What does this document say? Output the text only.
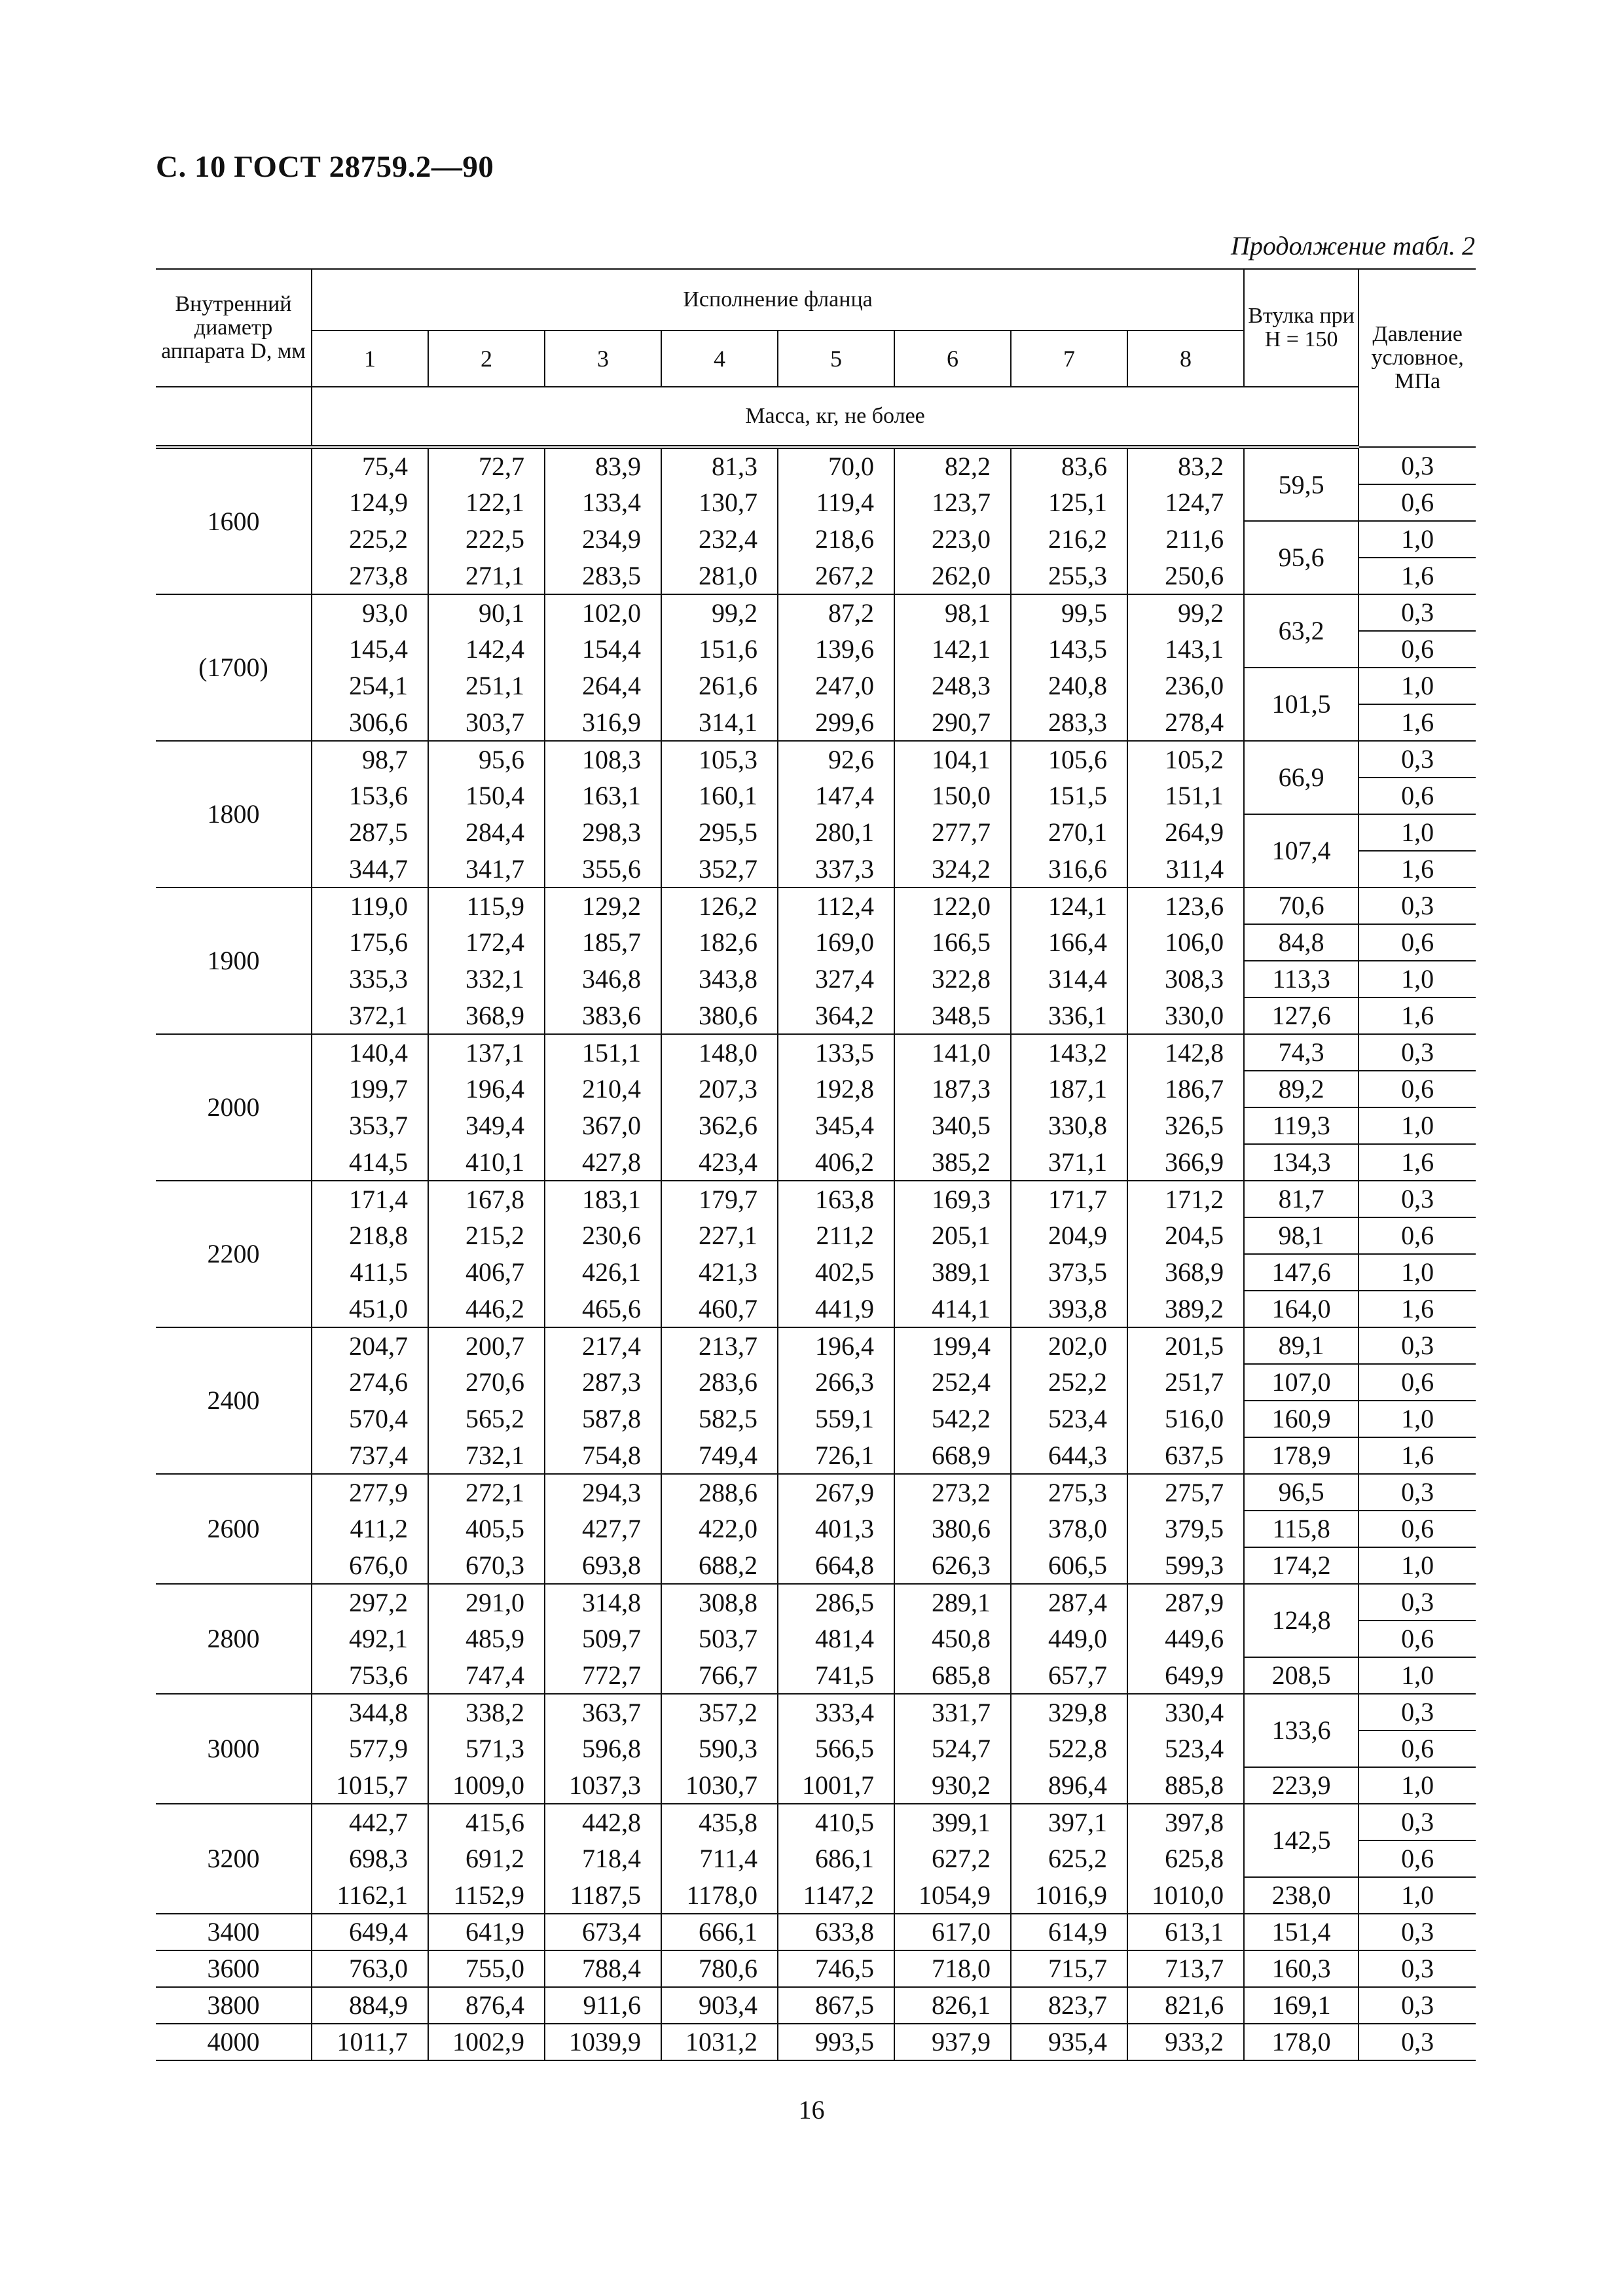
С. 10 ГОСТ 28759.2—90
Продолжение табл. 2
Внутренний диаметр аппарата D, мм	Исполнение фланца								Втулка при H = 150	Давление условное, МПа
	1	2	3	4	5	6	7	8		
	Масса, кг, не более									
1600	75,4	72,7	83,9	81,3	70,0	82,2	83,6	83,2	59,5	0,3
	124,9	122,1	133,4	130,7	119,4	123,7	125,1	124,7		0,6
	225,2	222,5	234,9	232,4	218,6	223,0	216,2	211,6	95,6	1,0
	273,8	271,1	283,5	281,0	267,2	262,0	255,3	250,6		1,6
(1700)	93,0	90,1	102,0	99,2	87,2	98,1	99,5	99,2	63,2	0,3
	145,4	142,4	154,4	151,6	139,6	142,1	143,5	143,1		0,6
	254,1	251,1	264,4	261,6	247,0	248,3	240,8	236,0	101,5	1,0
	306,6	303,7	316,9	314,1	299,6	290,7	283,3	278,4		1,6
1800	98,7	95,6	108,3	105,3	92,6	104,1	105,6	105,2	66,9	0,3
	153,6	150,4	163,1	160,1	147,4	150,0	151,5	151,1		0,6
	287,5	284,4	298,3	295,5	280,1	277,7	270,1	264,9	107,4	1,0
	344,7	341,7	355,6	352,7	337,3	324,2	316,6	311,4		1,6
1900	119,0	115,9	129,2	126,2	112,4	122,0	124,1	123,6	70,6	0,3
	175,6	172,4	185,7	182,6	169,0	166,5	166,4	106,0	84,8	0,6
	335,3	332,1	346,8	343,8	327,4	322,8	314,4	308,3	113,3	1,0
	372,1	368,9	383,6	380,6	364,2	348,5	336,1	330,0	127,6	1,6
2000	140,4	137,1	151,1	148,0	133,5	141,0	143,2	142,8	74,3	0,3
	199,7	196,4	210,4	207,3	192,8	187,3	187,1	186,7	89,2	0,6
	353,7	349,4	367,0	362,6	345,4	340,5	330,8	326,5	119,3	1,0
	414,5	410,1	427,8	423,4	406,2	385,2	371,1	366,9	134,3	1,6
2200	171,4	167,8	183,1	179,7	163,8	169,3	171,7	171,2	81,7	0,3
	218,8	215,2	230,6	227,1	211,2	205,1	204,9	204,5	98,1	0,6
	411,5	406,7	426,1	421,3	402,5	389,1	373,5	368,9	147,6	1,0
	451,0	446,2	465,6	460,7	441,9	414,1	393,8	389,2	164,0	1,6
2400	204,7	200,7	217,4	213,7	196,4	199,4	202,0	201,5	89,1	0,3
	274,6	270,6	287,3	283,6	266,3	252,4	252,2	251,7	107,0	0,6
	570,4	565,2	587,8	582,5	559,1	542,2	523,4	516,0	160,9	1,0
	737,4	732,1	754,8	749,4	726,1	668,9	644,3	637,5	178,9	1,6
2600	277,9	272,1	294,3	288,6	267,9	273,2	275,3	275,7	96,5	0,3
	411,2	405,5	427,7	422,0	401,3	380,6	378,0	379,5	115,8	0,6
	676,0	670,3	693,8	688,2	664,8	626,3	606,5	599,3	174,2	1,0
2800	297,2	291,0	314,8	308,8	286,5	289,1	287,4	287,9	124,8	0,3
	492,1	485,9	509,7	503,7	481,4	450,8	449,0	449,6		0,6
	753,6	747,4	772,7	766,7	741,5	685,8	657,7	649,9	208,5	1,0
3000	344,8	338,2	363,7	357,2	333,4	331,7	329,8	330,4	133,6	0,3
	577,9	571,3	596,8	590,3	566,5	524,7	522,8	523,4		0,6
	1015,7	1009,0	1037,3	1030,7	1001,7	930,2	896,4	885,8	223,9	1,0
3200	442,7	415,6	442,8	435,8	410,5	399,1	397,1	397,8	142,5	0,3
	698,3	691,2	718,4	711,4	686,1	627,2	625,2	625,8		0,6
	1162,1	1152,9	1187,5	1178,0	1147,2	1054,9	1016,9	1010,0	238,0	1,0
3400	649,4	641,9	673,4	666,1	633,8	617,0	614,9	613,1	151,4	0,3
3600	763,0	755,0	788,4	780,6	746,5	718,0	715,7	713,7	160,3	0,3
3800	884,9	876,4	911,6	903,4	867,5	826,1	823,7	821,6	169,1	0,3
4000	1011,7	1002,9	1039,9	1031,2	993,5	937,9	935,4	933,2	178,0	0,3
16
